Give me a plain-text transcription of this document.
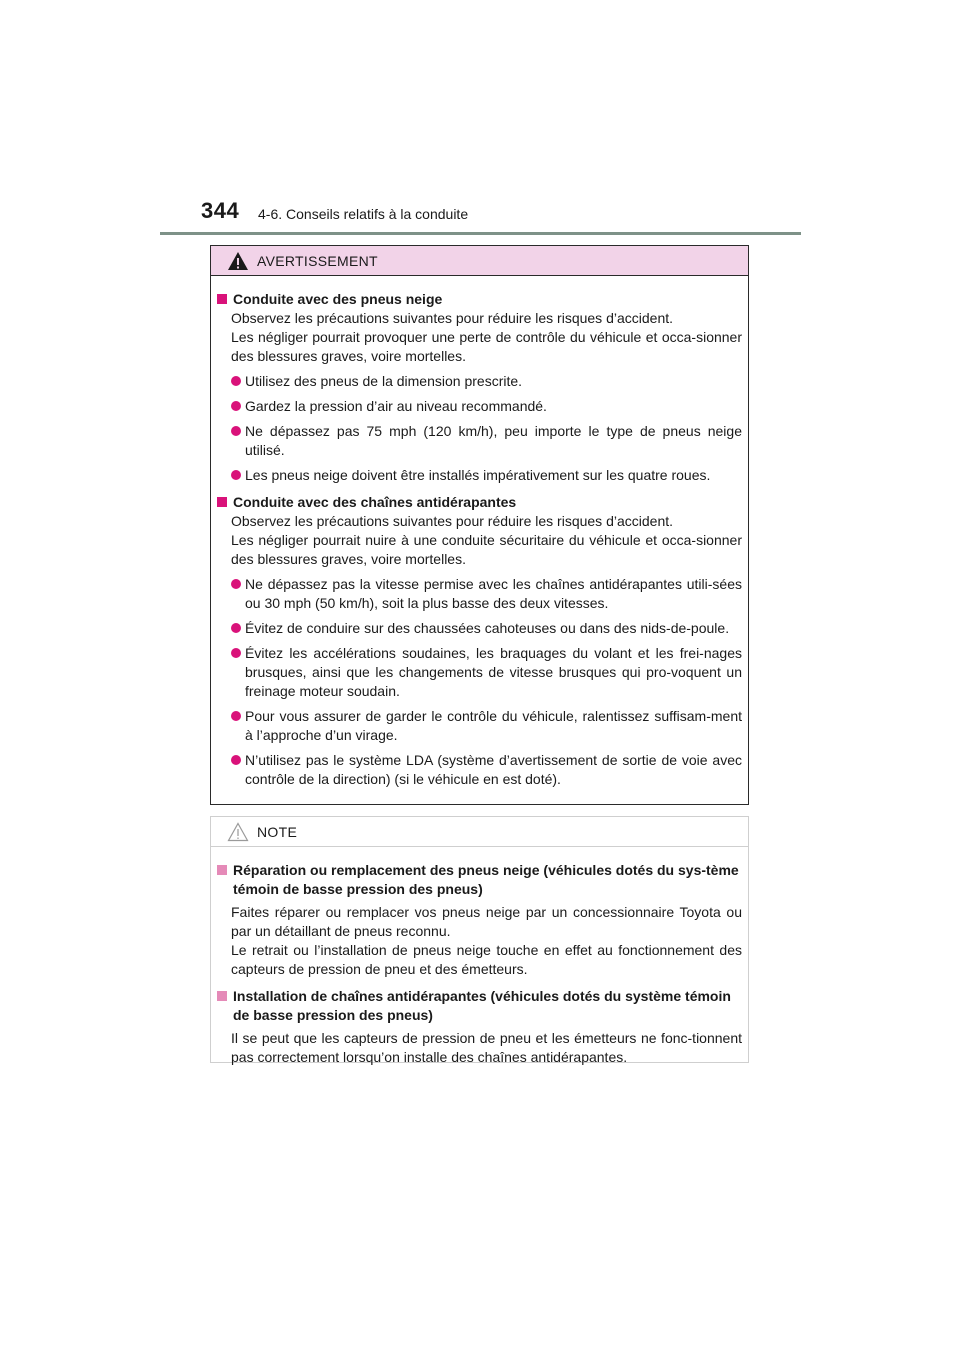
344 4-6. Conseils relatifs à la conduite
AVERTISSEMENT
Conduite avec des pneus neige
Observez les précautions suivantes pour réduire les risques d’accident.
Les négliger pourrait provoquer une perte de contrôle du véhicule et occa-sionner des blessures graves, voire mortelles.
Utilisez des pneus de la dimension prescrite.
Gardez la pression d’air au niveau recommandé.
Ne dépassez pas 75 mph (120 km/h), peu importe le type de pneus neige utilisé.
Les pneus neige doivent être installés impérativement sur les quatre roues.
Conduite avec des chaînes antidérapantes
Observez les précautions suivantes pour réduire les risques d’accident.
Les négliger pourrait nuire à une conduite sécuritaire du véhicule et occa-sionner des blessures graves, voire mortelles.
Ne dépassez pas la vitesse permise avec les chaînes antidérapantes utili-sées ou 30 mph (50 km/h), soit la plus basse des deux vitesses.
Évitez de conduire sur des chaussées cahoteuses ou dans des nids-de-poule.
Évitez les accélérations soudaines, les braquages du volant et les frei-nages brusques, ainsi que les changements de vitesse brusques qui pro-voquent un freinage moteur soudain.
Pour vous assurer de garder le contrôle du véhicule, ralentissez suffisam-ment à l’approche d’un virage.
N’utilisez pas le système LDA (système d’avertissement de sortie de voie avec contrôle de la direction) (si le véhicule en est doté).
NOTE
Réparation ou remplacement des pneus neige (véhicules dotés du sys-tème témoin de basse pression des pneus)
Faites réparer ou remplacer vos pneus neige par un concessionnaire Toyota ou par un détaillant de pneus reconnu.
Le retrait ou l’installation de pneus neige touche en effet au fonctionnement des capteurs de pression de pneu et des émetteurs.
Installation de chaînes antidérapantes (véhicules dotés du système témoin de basse pression des pneus)
Il se peut que les capteurs de pression de pneu et les émetteurs ne fonc-tionnent pas correctement lorsqu’on installe des chaînes antidérapantes.
